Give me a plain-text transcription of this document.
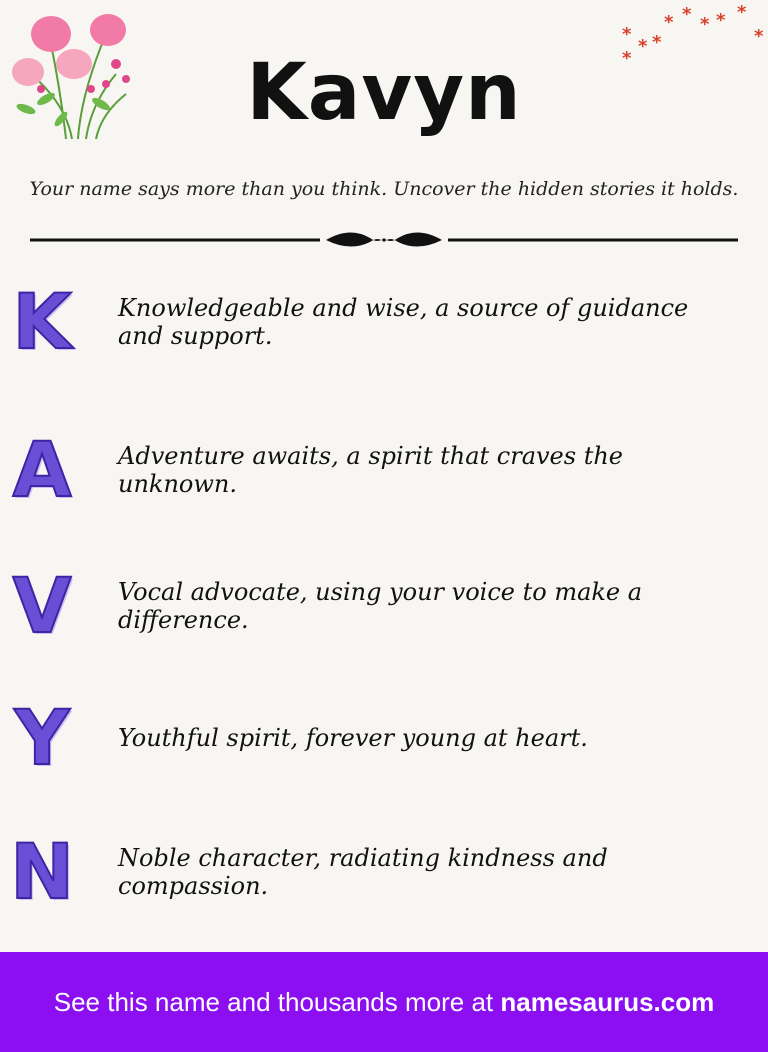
*	*
* * *
*
*
* *
*
Kavyn
Your name says more than you think. Uncover the hidden stories it holds.
K Knowledgeable and wise, a source of guidance and support.
A Adventure awaits, a spirit that craves the unknown.
V Vocal advocate, using your voice to make a difference.
Y Youthful spirit, forever young at heart.
N Noble character, radiating kindness and compassion.
See this name and thousands more at namesaurus.com
